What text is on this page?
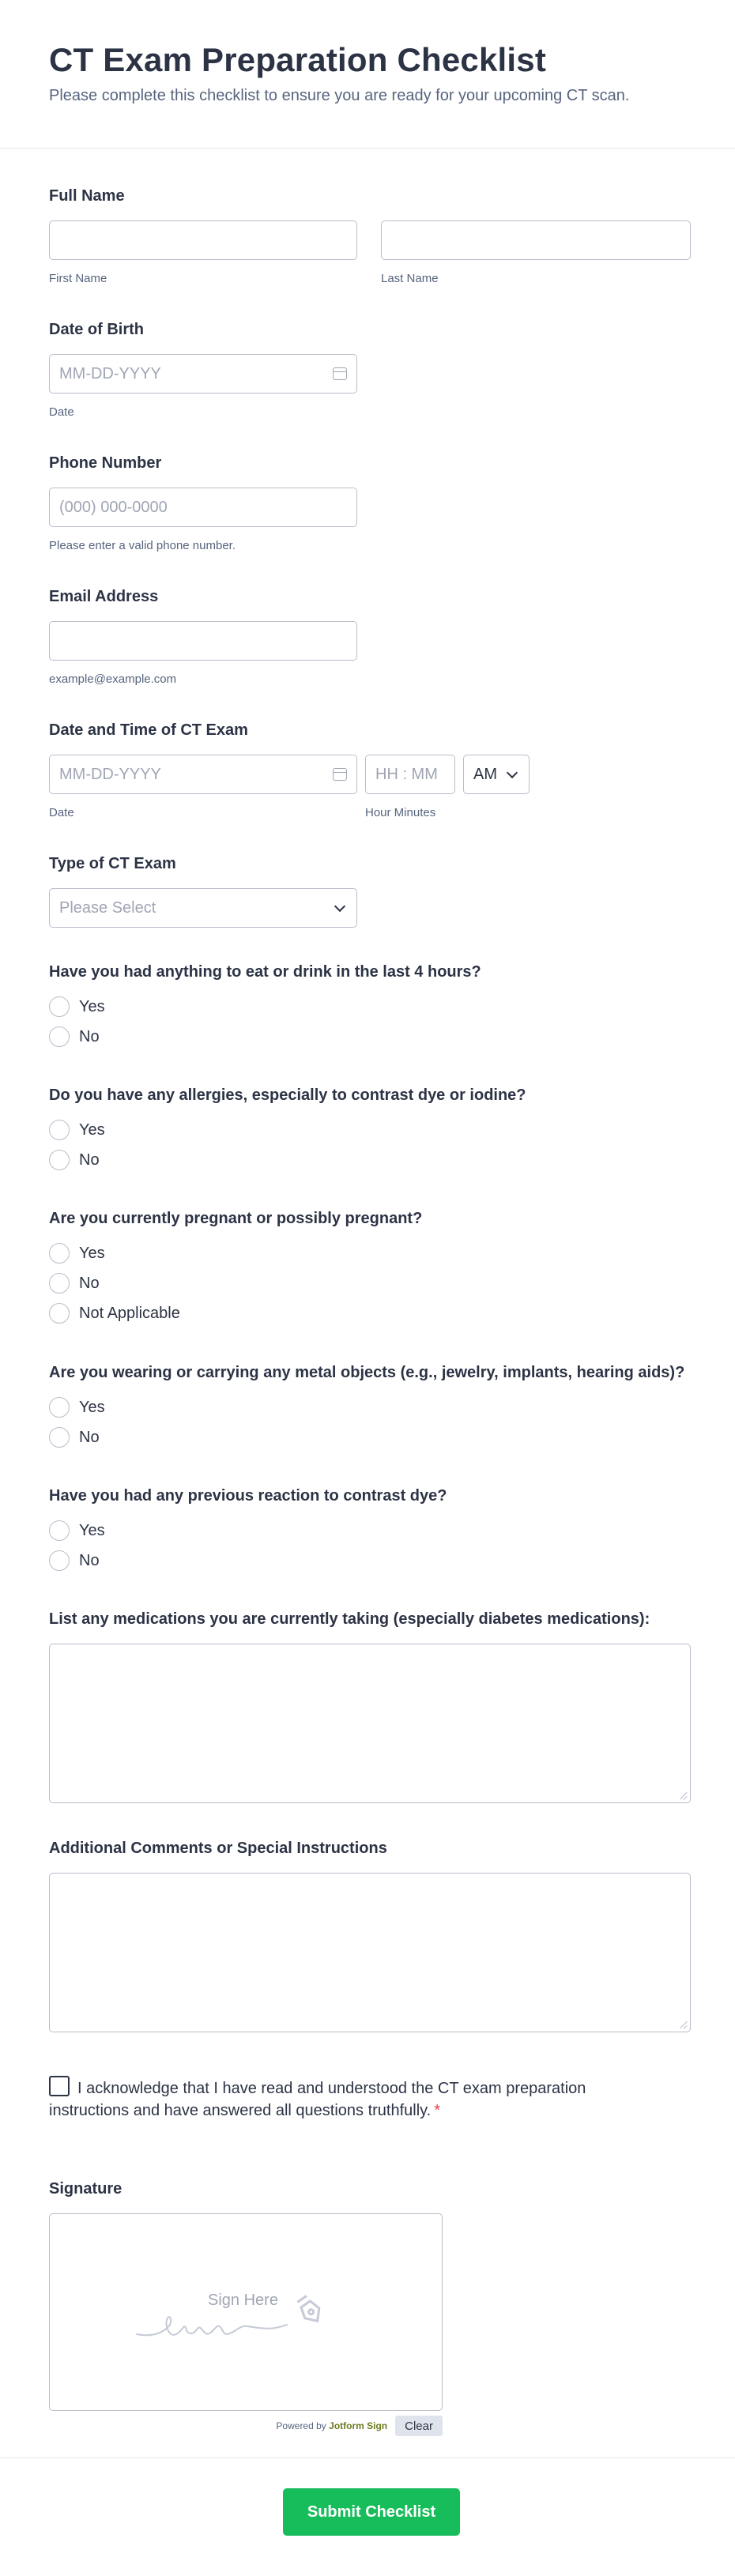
CT Exam Preparation Checklist
Please complete this checklist to ensure you are ready for your upcoming CT scan.
Full Name
First Name	Last Name
Date of Birth
MM-DD-YYYY
Date
Phone Number
(000) 000-0000
Please enter a valid phone number.
Email Address
example@example.com
Date and Time of CT Exam
MM-DD-YYYY
Date
HH : MM
Hour Minutes
AM
Type of CT Exam
Please Select
Have you had anything to eat or drink in the last 4 hours?
Yes
No
Do you have any allergies, especially to contrast dye or iodine?
Yes
No
Are you currently pregnant or possibly pregnant?
Yes
No
Not Applicable
Are you wearing or carrying any metal objects (e.g., jewelry, implants, hearing aids)?
Yes
No
Have you had any previous reaction to contrast dye?
Yes
No
List any medications you are currently taking (especially diabetes medications):
Additional Comments or Special Instructions
I acknowledge that I have read and understood the CT exam preparation instructions and have answered all questions truthfully. *
Signature
Sign Here
Powered by Jotform Sign	Clear
Submit Checklist
